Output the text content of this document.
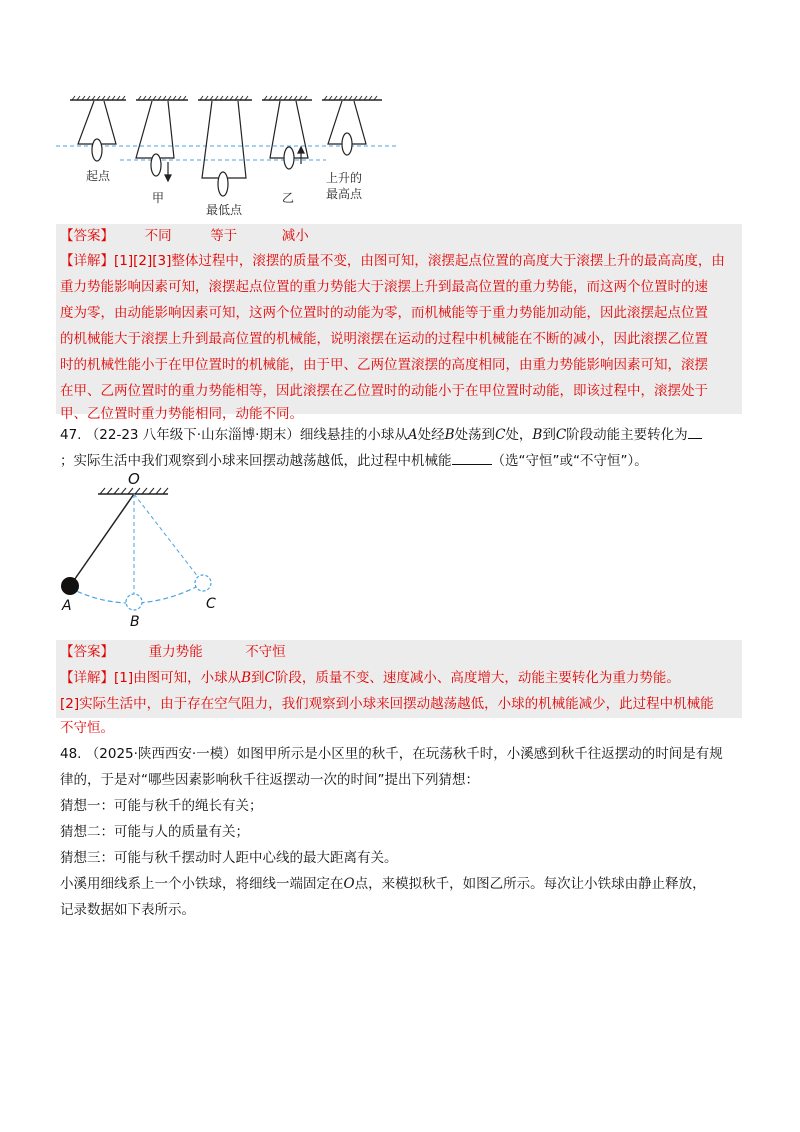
起点
甲
最低点
乙
上升的
最高点
【答案】 不同	等于	减小
【详解】[1][2][3]整体过程中，滚摆的质量不变，由图可知，滚摆起点位置的高度大于滚摆上升的最高高度，由
重力势能影响因素可知，滚摆起点位置的重力势能大于滚摆上升到最高位置的重力势能，而这两个位置时的速
度为零，由动能影响因素可知，这两个位置时的动能为零，而机械能等于重力势能加动能，因此滚摆起点位置
的机械能大于滚摆上升到最高位置的机械能，说明滚摆在运动的过程中机械能在不断的减小，因此滚摆乙位置
时的机械性能小于在甲位置时的机械能，由于甲、乙两位置滚摆的高度相同，由重力势能影响因素可知，滚摆
在甲、乙两位置时的重力势能相等，因此滚摆在乙位置时的动能小于在甲位置时动能，即该过程中，滚摆处于
甲、乙位置时重力势能相同，动能不同。
47. （22-23 八年级下·山东淄博·期末）细线悬挂的小球从A处经B处荡到C处，B到C阶段动能主要转化为
；实际生活中我们观察到小球来回摆动越荡越低，此过程中机械能	（选“守恒”或“不守恒”）。
O
A
B
C
【答案】	重力势能	不守恒
【详解】[1]由图可知，小球从B到C阶段，质量不变、速度减小、高度增大，动能主要转化为重力势能。
[2]实际生活中，由于存在空气阻力，我们观察到小球来回摆动越荡越低，小球的机械能减少，此过程中机械能
不守恒。
48. （2025·陕西西安·一模）如图甲所示是小区里的秋千，在玩荡秋千时，小溪感到秋千往返摆动的时间是有规
律的，于是对“哪些因素影响秋千往返摆动一次的时间”提出下列猜想：
猜想一：可能与秋千的绳长有关；
猜想二：可能与人的质量有关；
猜想三：可能与秋千摆动时人距中心线的最大距离有关。
小溪用细线系上一个小铁球，将细线一端固定在O点，来模拟秋千，如图乙所示。每次让小铁球由静止释放，
记录数据如下表所示。
